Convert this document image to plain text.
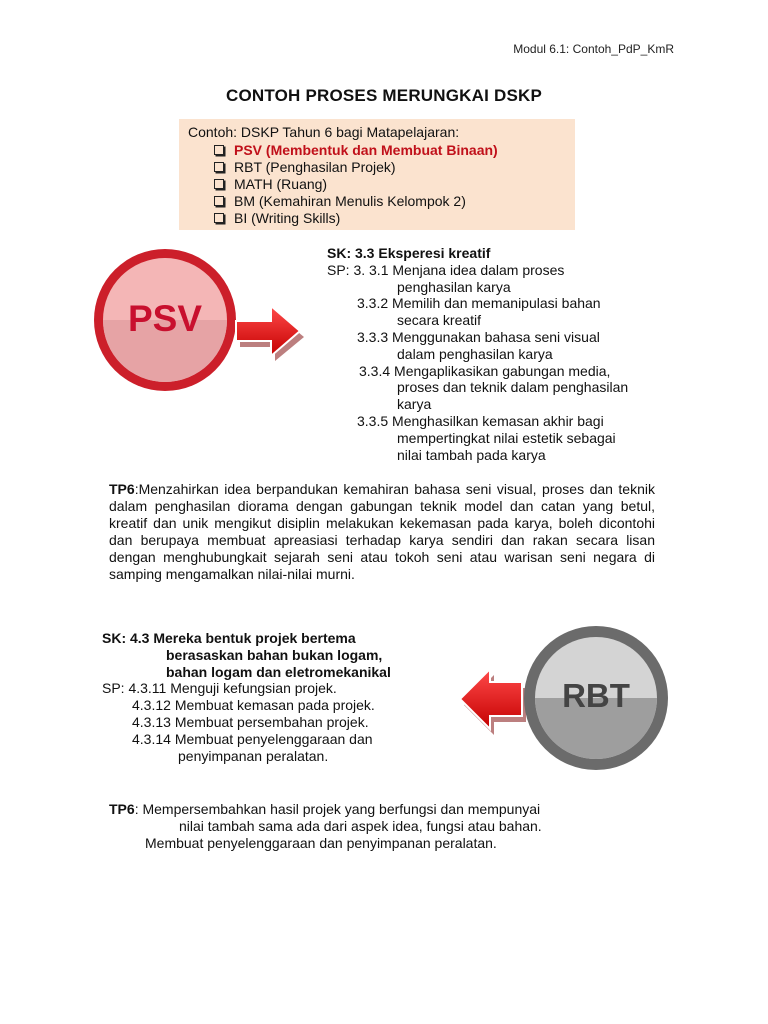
Modul 6.1: Contoh_PdP_KmR
CONTOH PROSES MERUNGKAI DSKP
Contoh: DSKP Tahun 6 bagi Matapelajaran:
PSV (Membentuk dan Membuat Binaan)
RBT (Penghasilan Projek)
MATH (Ruang)
BM (Kemahiran Menulis Kelompok 2)
BI (Writing Skills)
PSV
SK: 3.3 Eksperesi kreatif
SP: 3. 3.1 Menjana idea dalam proses
penghasilan karya
3.3.2 Memilih dan memanipulasi bahan
secara kreatif
3.3.3 Menggunakan bahasa seni visual
dalam penghasilan karya
3.3.4 Mengaplikasikan gabungan media,
proses dan teknik dalam penghasilan
karya
3.3.5 Menghasilkan kemasan akhir bagi
mempertingkat nilai estetik sebagai
nilai tambah pada karya
TP6:Menzahirkan idea berpandukan kemahiran bahasa seni visual, proses dan teknik dalam penghasilan diorama dengan gabungan teknik model dan catan yang betul, kreatif dan unik mengikut disiplin melakukan kekemasan pada karya, boleh dicontohi dan berupaya membuat apreasiasi terhadap karya sendiri dan rakan secara lisan dengan menghubungkait sejarah seni atau tokoh seni atau warisan seni negara di samping mengamalkan nilai-nilai murni.
SK: 4.3 Mereka bentuk projek bertema
berasaskan bahan bukan logam,
bahan logam dan eletromekanikal
SP: 4.3.11 Menguji kefungsian projek.
4.3.12 Membuat kemasan pada projek.
4.3.13 Membuat persembahan projek.
4.3.14 Membuat penyelenggaraan dan
penyimpanan peralatan.
RBT
TP6: Mempersembahkan hasil projek yang berfungsi dan mempunyai
nilai tambah sama ada dari aspek idea, fungsi atau bahan.
Membuat penyelenggaraan dan penyimpanan peralatan.
